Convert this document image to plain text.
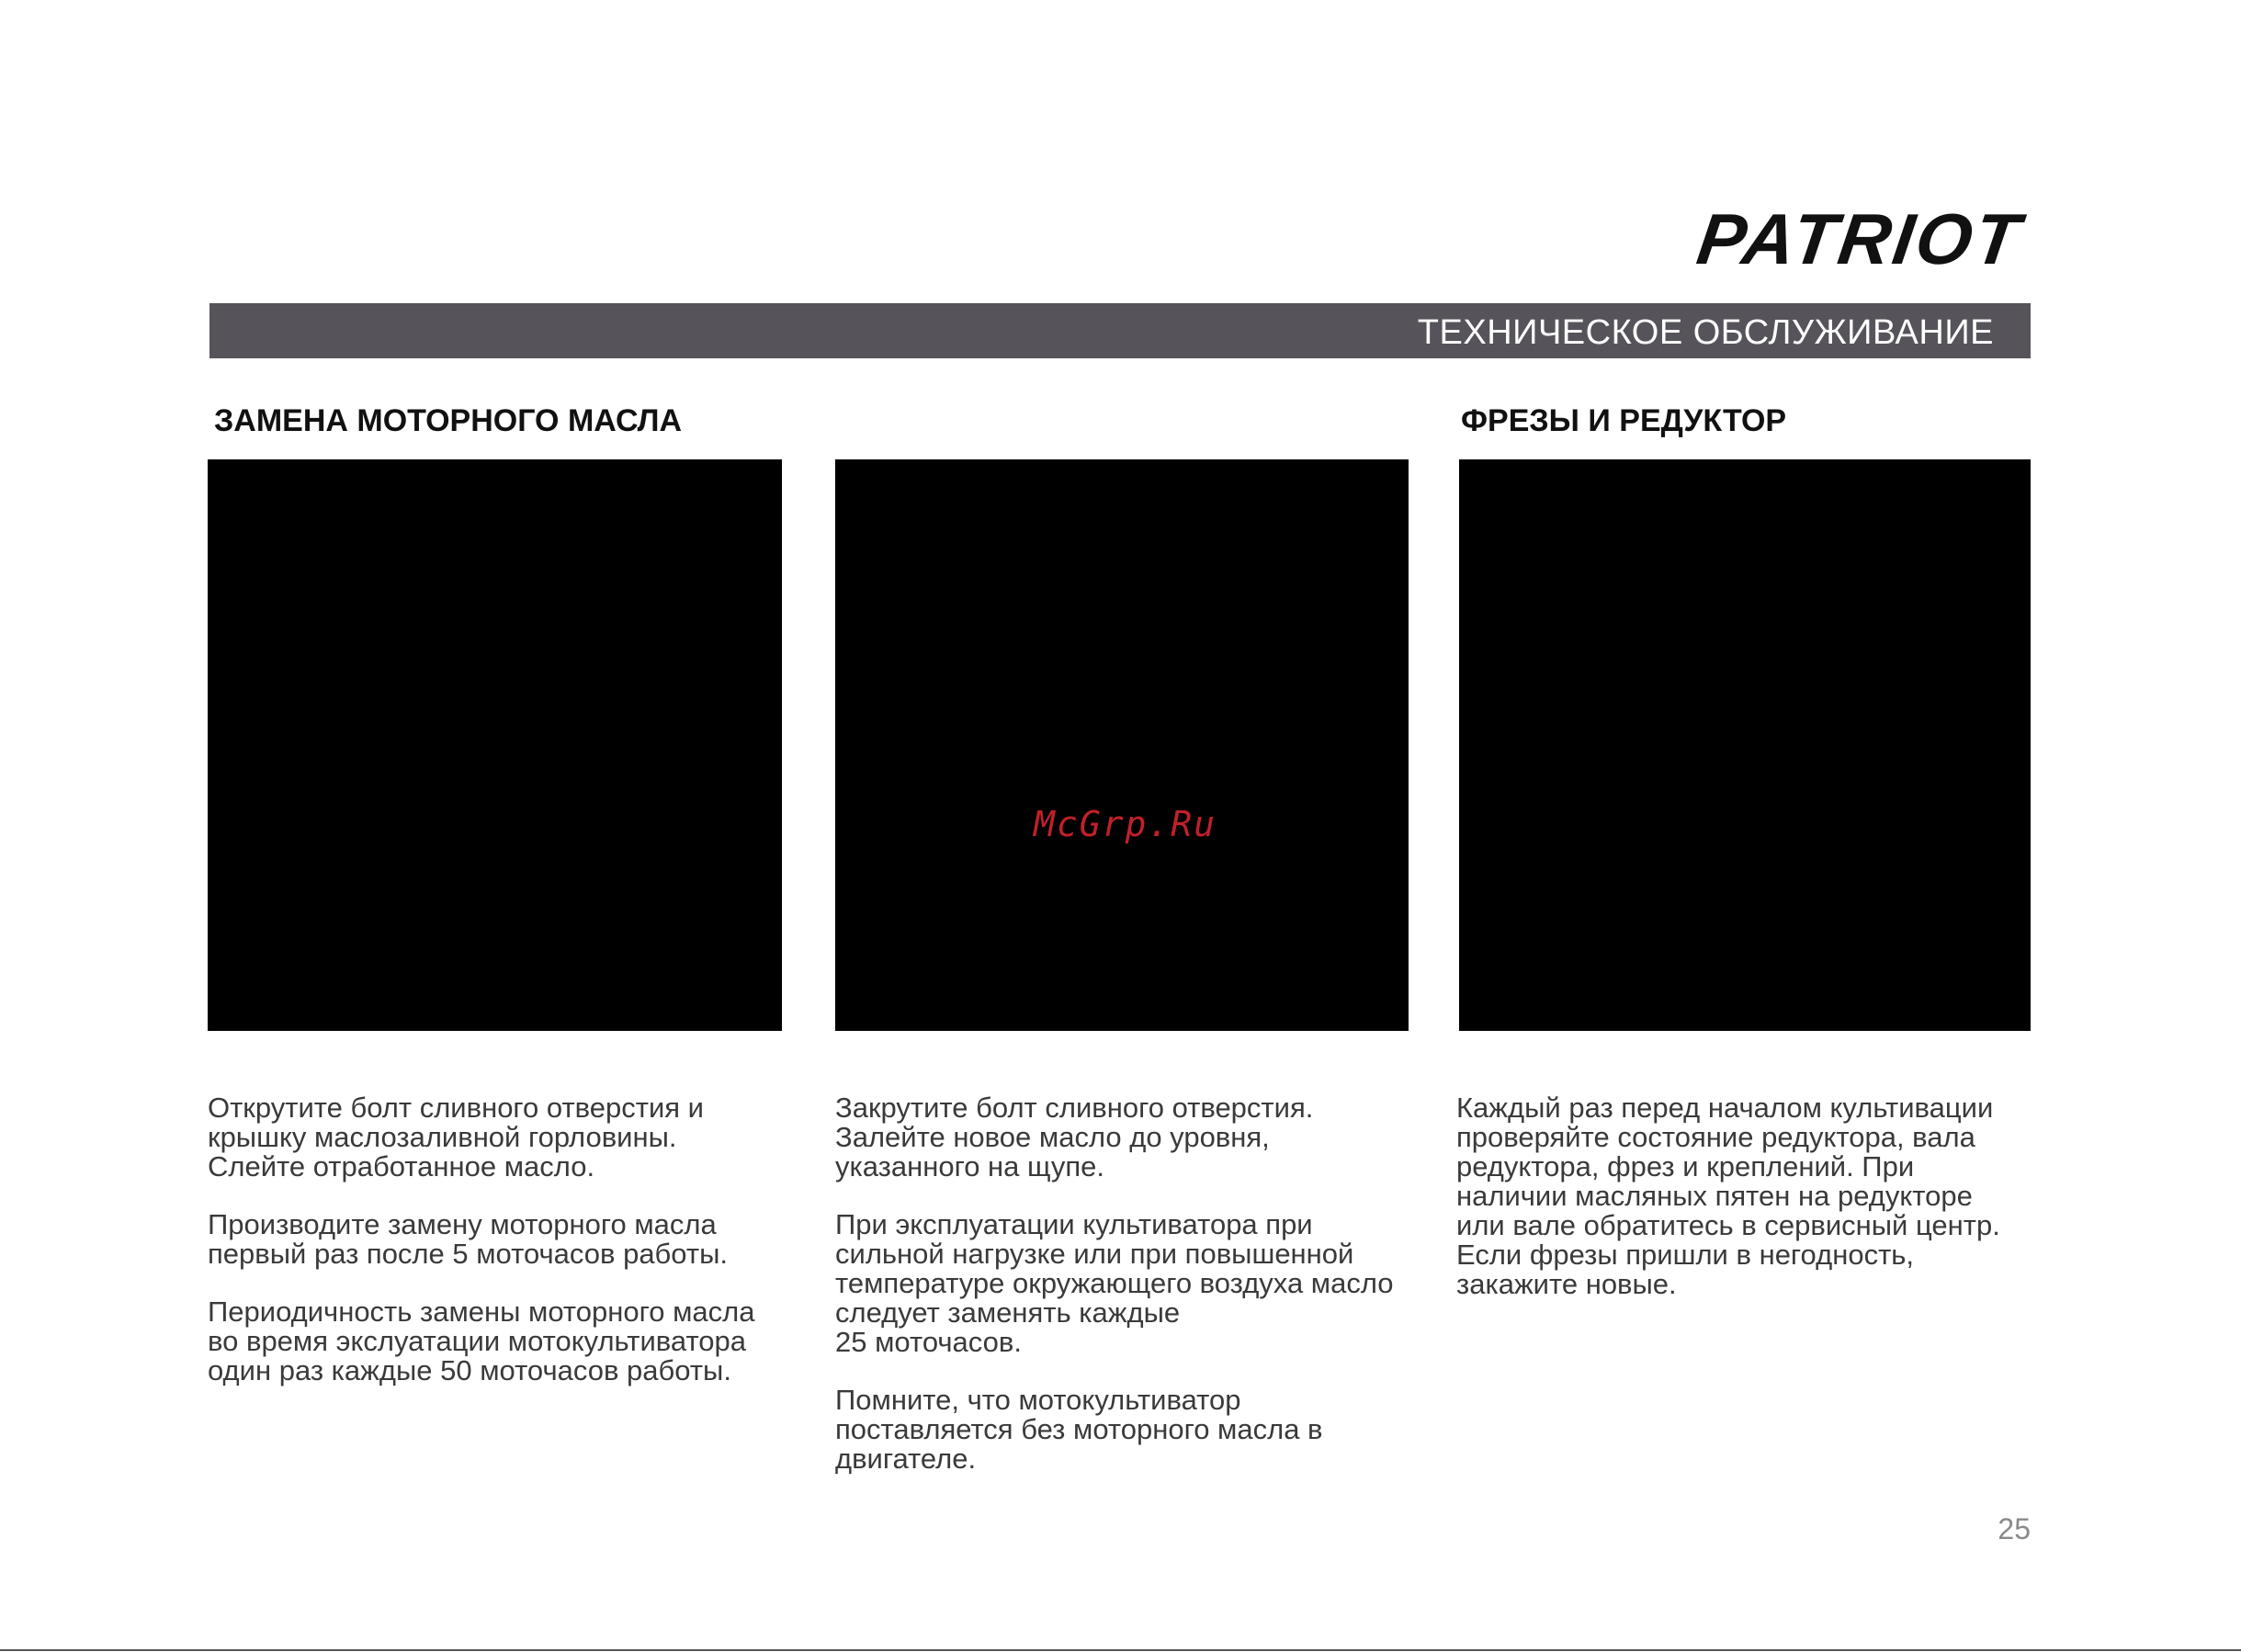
PATRIOT
ТЕХНИЧЕСКОЕ ОБСЛУЖИВАНИЕ
ЗАМЕНА МОТОРНОГО МАСЛА	ФРЕЗЫ И РЕДУКТОР
McGrp.Ru

Открутите болт сливного отверстия и
крышку маслозаливной горловины.
Слейте отработанное масло.

Производите замену моторного масла
первый раз после 5 моточасов работы.

Периодичность замены моторного масла
во время экслуатации мотокультиватора
один раз каждые 50 моточасов работы.

Закрутите болт сливного отверстия.
Залейте новое масло до уровня,
указанного на щупе.

При эксплуатации культиватора при
сильной нагрузке или при повышенной
температуре окружающего воздуха масло
следует заменять каждые
25 моточасов.

Помните, что мотокультиватор
поставляется без моторного масла в
двигателе.

Каждый раз перед началом культивации
проверяйте состояние редуктора, вала
редуктора, фрез и креплений. При
наличии масляных пятен на редукторе
или вале обратитесь в сервисный центр.
Если фрезы пришли в негодность,
закажите новые.

25
